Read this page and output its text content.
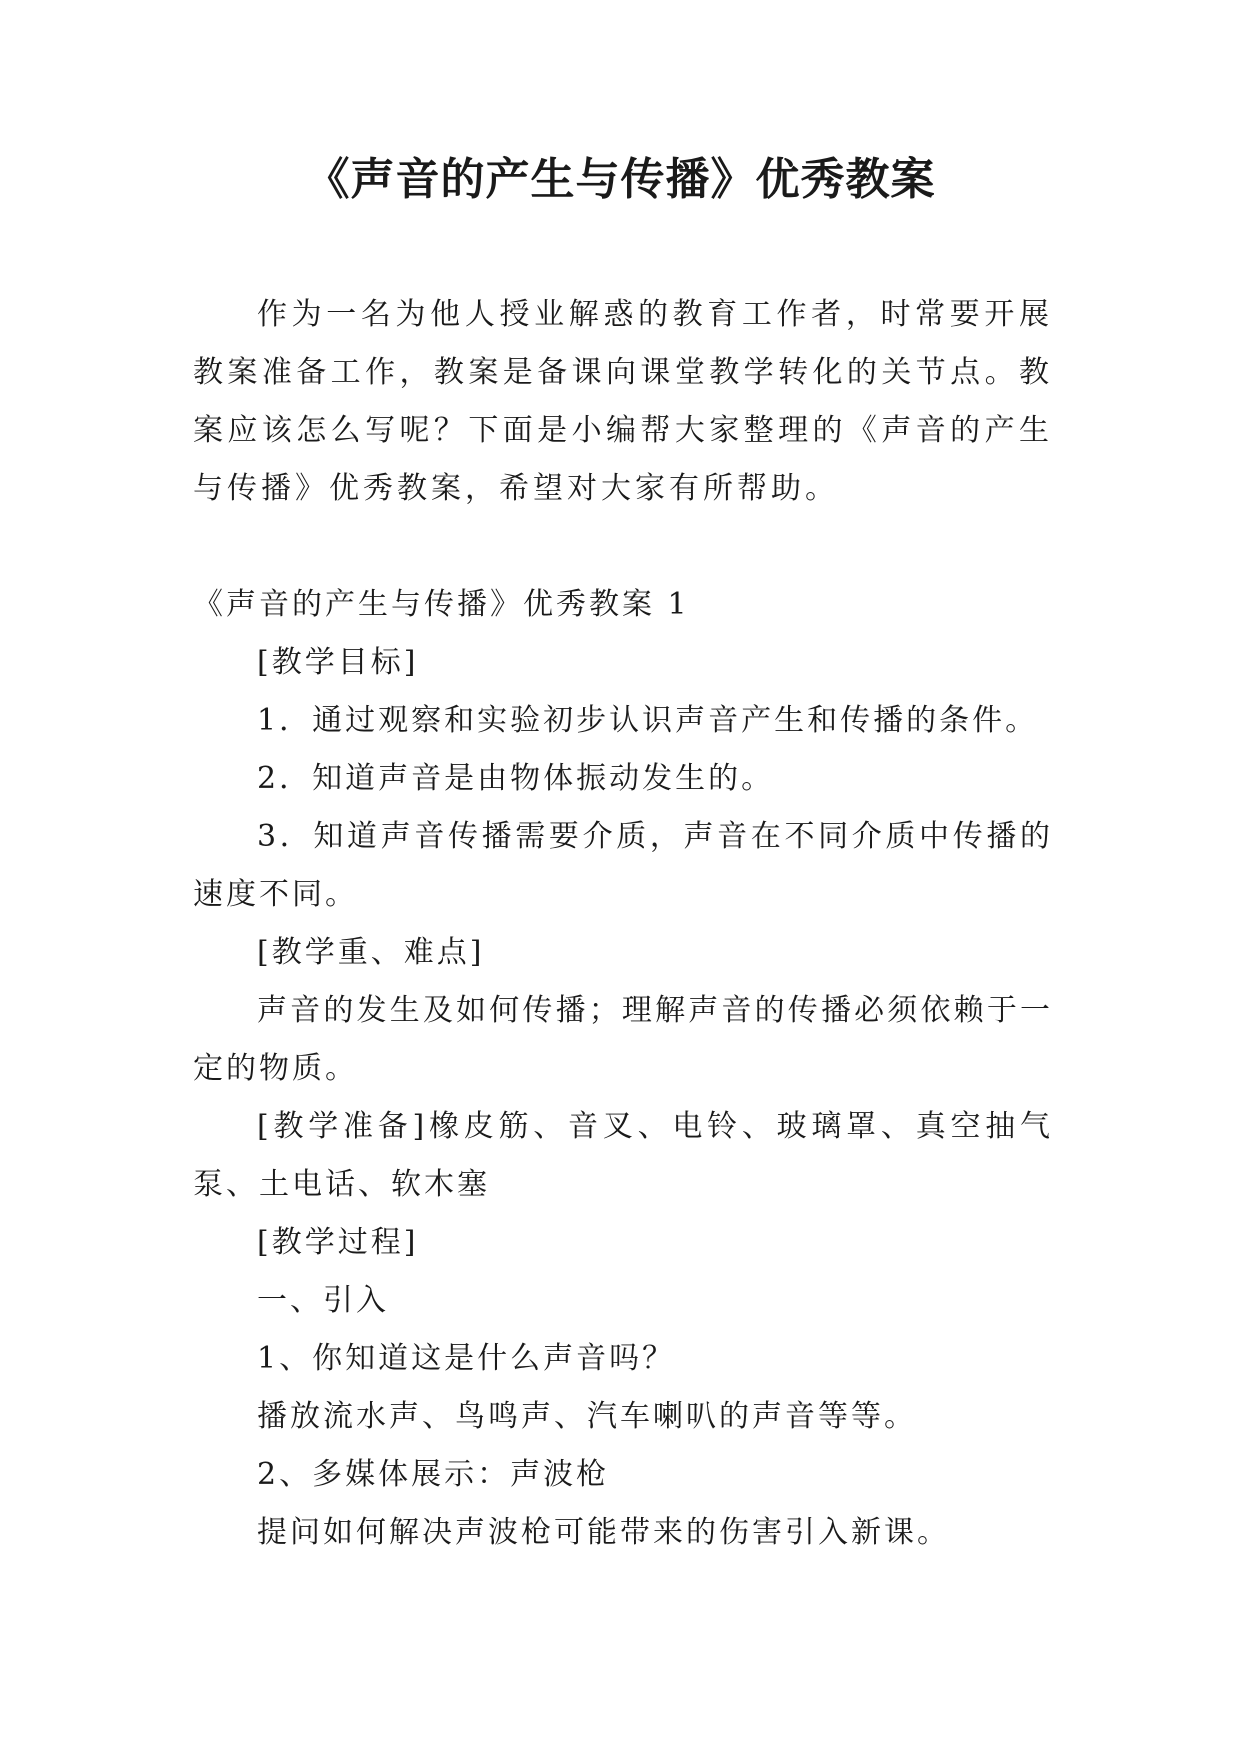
《声音的产生与传播》优秀教案

作为一名为他人授业解惑的教育工作者，时常要开展教案准备工作，教案是备课向课堂教学转化的关节点。教案应该怎么写呢？下面是小编帮大家整理的《声音的产生与传播》优秀教案，希望对大家有所帮助。

《声音的产生与传播》优秀教案 1

[教学目标]

1．通过观察和实验初步认识声音产生和传播的条件。

2．知道声音是由物体振动发生的。

3．知道声音传播需要介质，声音在不同介质中传播的速度不同。

[教学重、难点]

声音的发生及如何传播；理解声音的传播必须依赖于一定的物质。

[教学准备]橡皮筋、音叉、电铃、玻璃罩、真空抽气泵、土电话、软木塞

[教学过程]

一、引入

1、你知道这是什么声音吗？

播放流水声、鸟鸣声、汽车喇叭的声音等等。

2、多媒体展示：声波枪

提问如何解决声波枪可能带来的伤害引入新课。
